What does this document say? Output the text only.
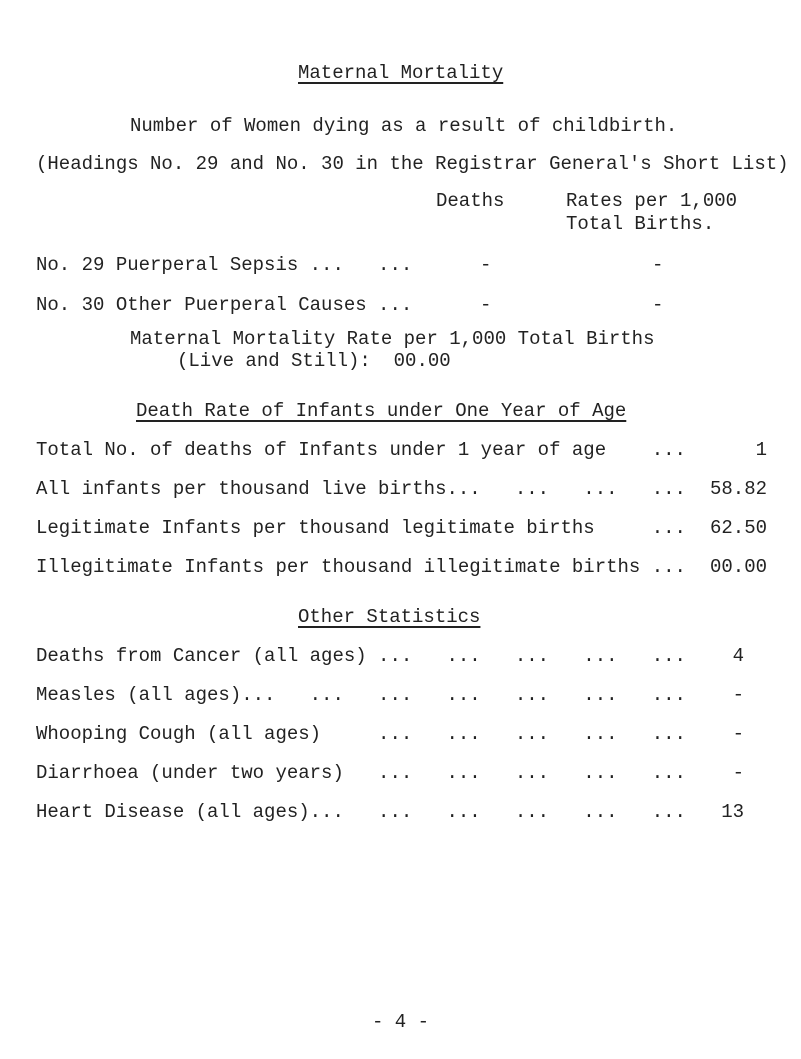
Maternal Mortality
Number of Women dying as a result of childbirth.
(Headings No. 29 and No. 30 in the Registrar General's Short List)
Deaths	Rates per 1,000
Total Births.
No. 29 Puerperal Sepsis ...   ...	-	-
No. 30 Other Puerperal Causes ...	-	-
Maternal Mortality Rate per 1,000 Total Births
(Live and Still):  00.00
Death Rate of Infants under One Year of Age
Total No. of deaths of Infants under 1 year of age    ...	1
All infants per thousand live births...   ...   ...   ...	58.82
Legitimate Infants per thousand legitimate births     ...	62.50
Illegitimate Infants per thousand illegitimate births ...	00.00
Other Statistics
Deaths from Cancer (all ages) ...   ...   ...   ...   ...	4
Measles (all ages)...   ...   ...   ...   ...   ...   ...	-
Whooping Cough (all ages)     ...   ...   ...   ...   ...	-
Diarrhoea (under two years)   ...   ...   ...   ...   ...	-
Heart Disease (all ages)...   ...   ...   ...   ...   ...	13
- 4 -
